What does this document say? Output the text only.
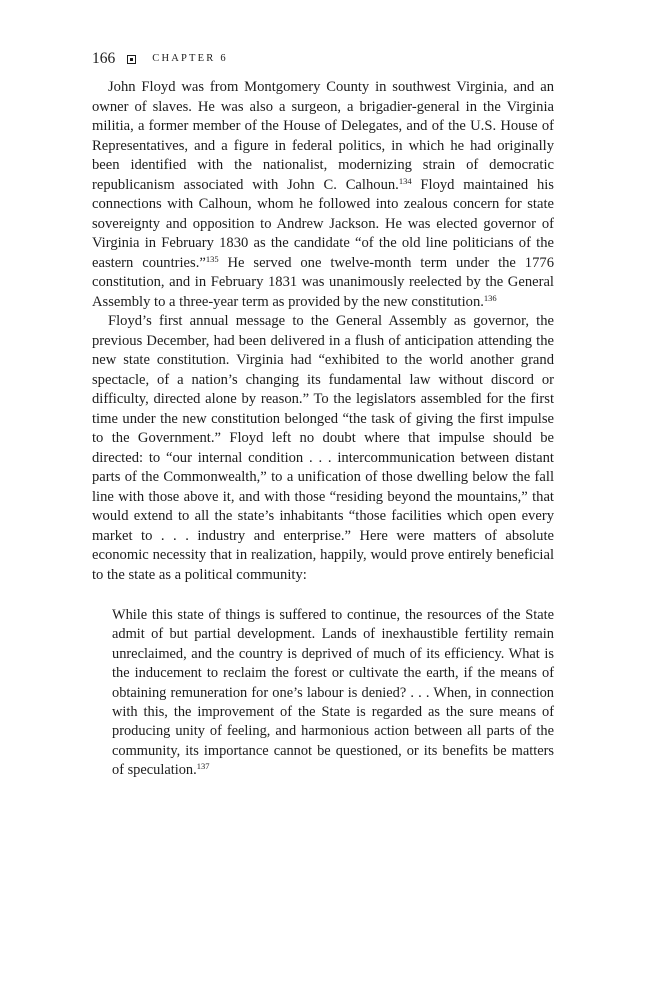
166	CHAPTER 6

John Floyd was from Montgomery County in southwest Virginia, and an owner of slaves. He was also a surgeon, a brigadier-general in the Virginia militia, a former member of the House of Delegates, and of the U.S. House of Representatives, and a figure in federal politics, in which he had originally been identified with the nationalist, modernizing strain of democratic republicanism associated with John C. Calhoun.$^{134}$ Floyd maintained his connections with Calhoun, whom he followed into zealous concern for state sovereignty and opposition to Andrew Jackson. He was elected governor of Virginia in February 1830 as the candidate “of the old line politicians of the eastern countries.”$^{135}$ He served one twelve-month term under the 1776 constitution, and in February 1831 was unanimously reelected by the General Assembly to a three-year term as provided by the new constitution.$^{136}$

Floyd’s first annual message to the General Assembly as governor, the previous December, had been delivered in a flush of anticipation attending the new state constitution. Virginia had “exhibited to the world another grand spectacle, of a nation’s changing its fundamental law without discord or difficulty, directed alone by reason.” To the legislators assembled for the first time under the new constitution belonged “the task of giving the first impulse to the Government.” Floyd left no doubt where that impulse should be directed: to “our internal condition . . . intercommunication between distant parts of the Commonwealth,” to a unification of those dwelling below the fall line with those above it, and with those “residing beyond the mountains,” that would extend to all the state’s inhabitants “those facilities which open every market to . . . industry and enterprise.” Here were matters of absolute economic necessity that in realization, happily, would prove entirely beneficial to the state as a political community:

While this state of things is suffered to continue, the resources of the State admit of but partial development. Lands of inexhaustible fertility remain unreclaimed, and the country is deprived of much of its efficiency. What is the inducement to reclaim the forest or cultivate the earth, if the means of obtaining remuneration for one’s labour is denied? . . . When, in connection with this, the improvement of the State is regarded as the sure means of producing unity of feeling, and harmonious action between all parts of the community, its importance cannot be questioned, or its benefits be matters of speculation.$^{137}$
